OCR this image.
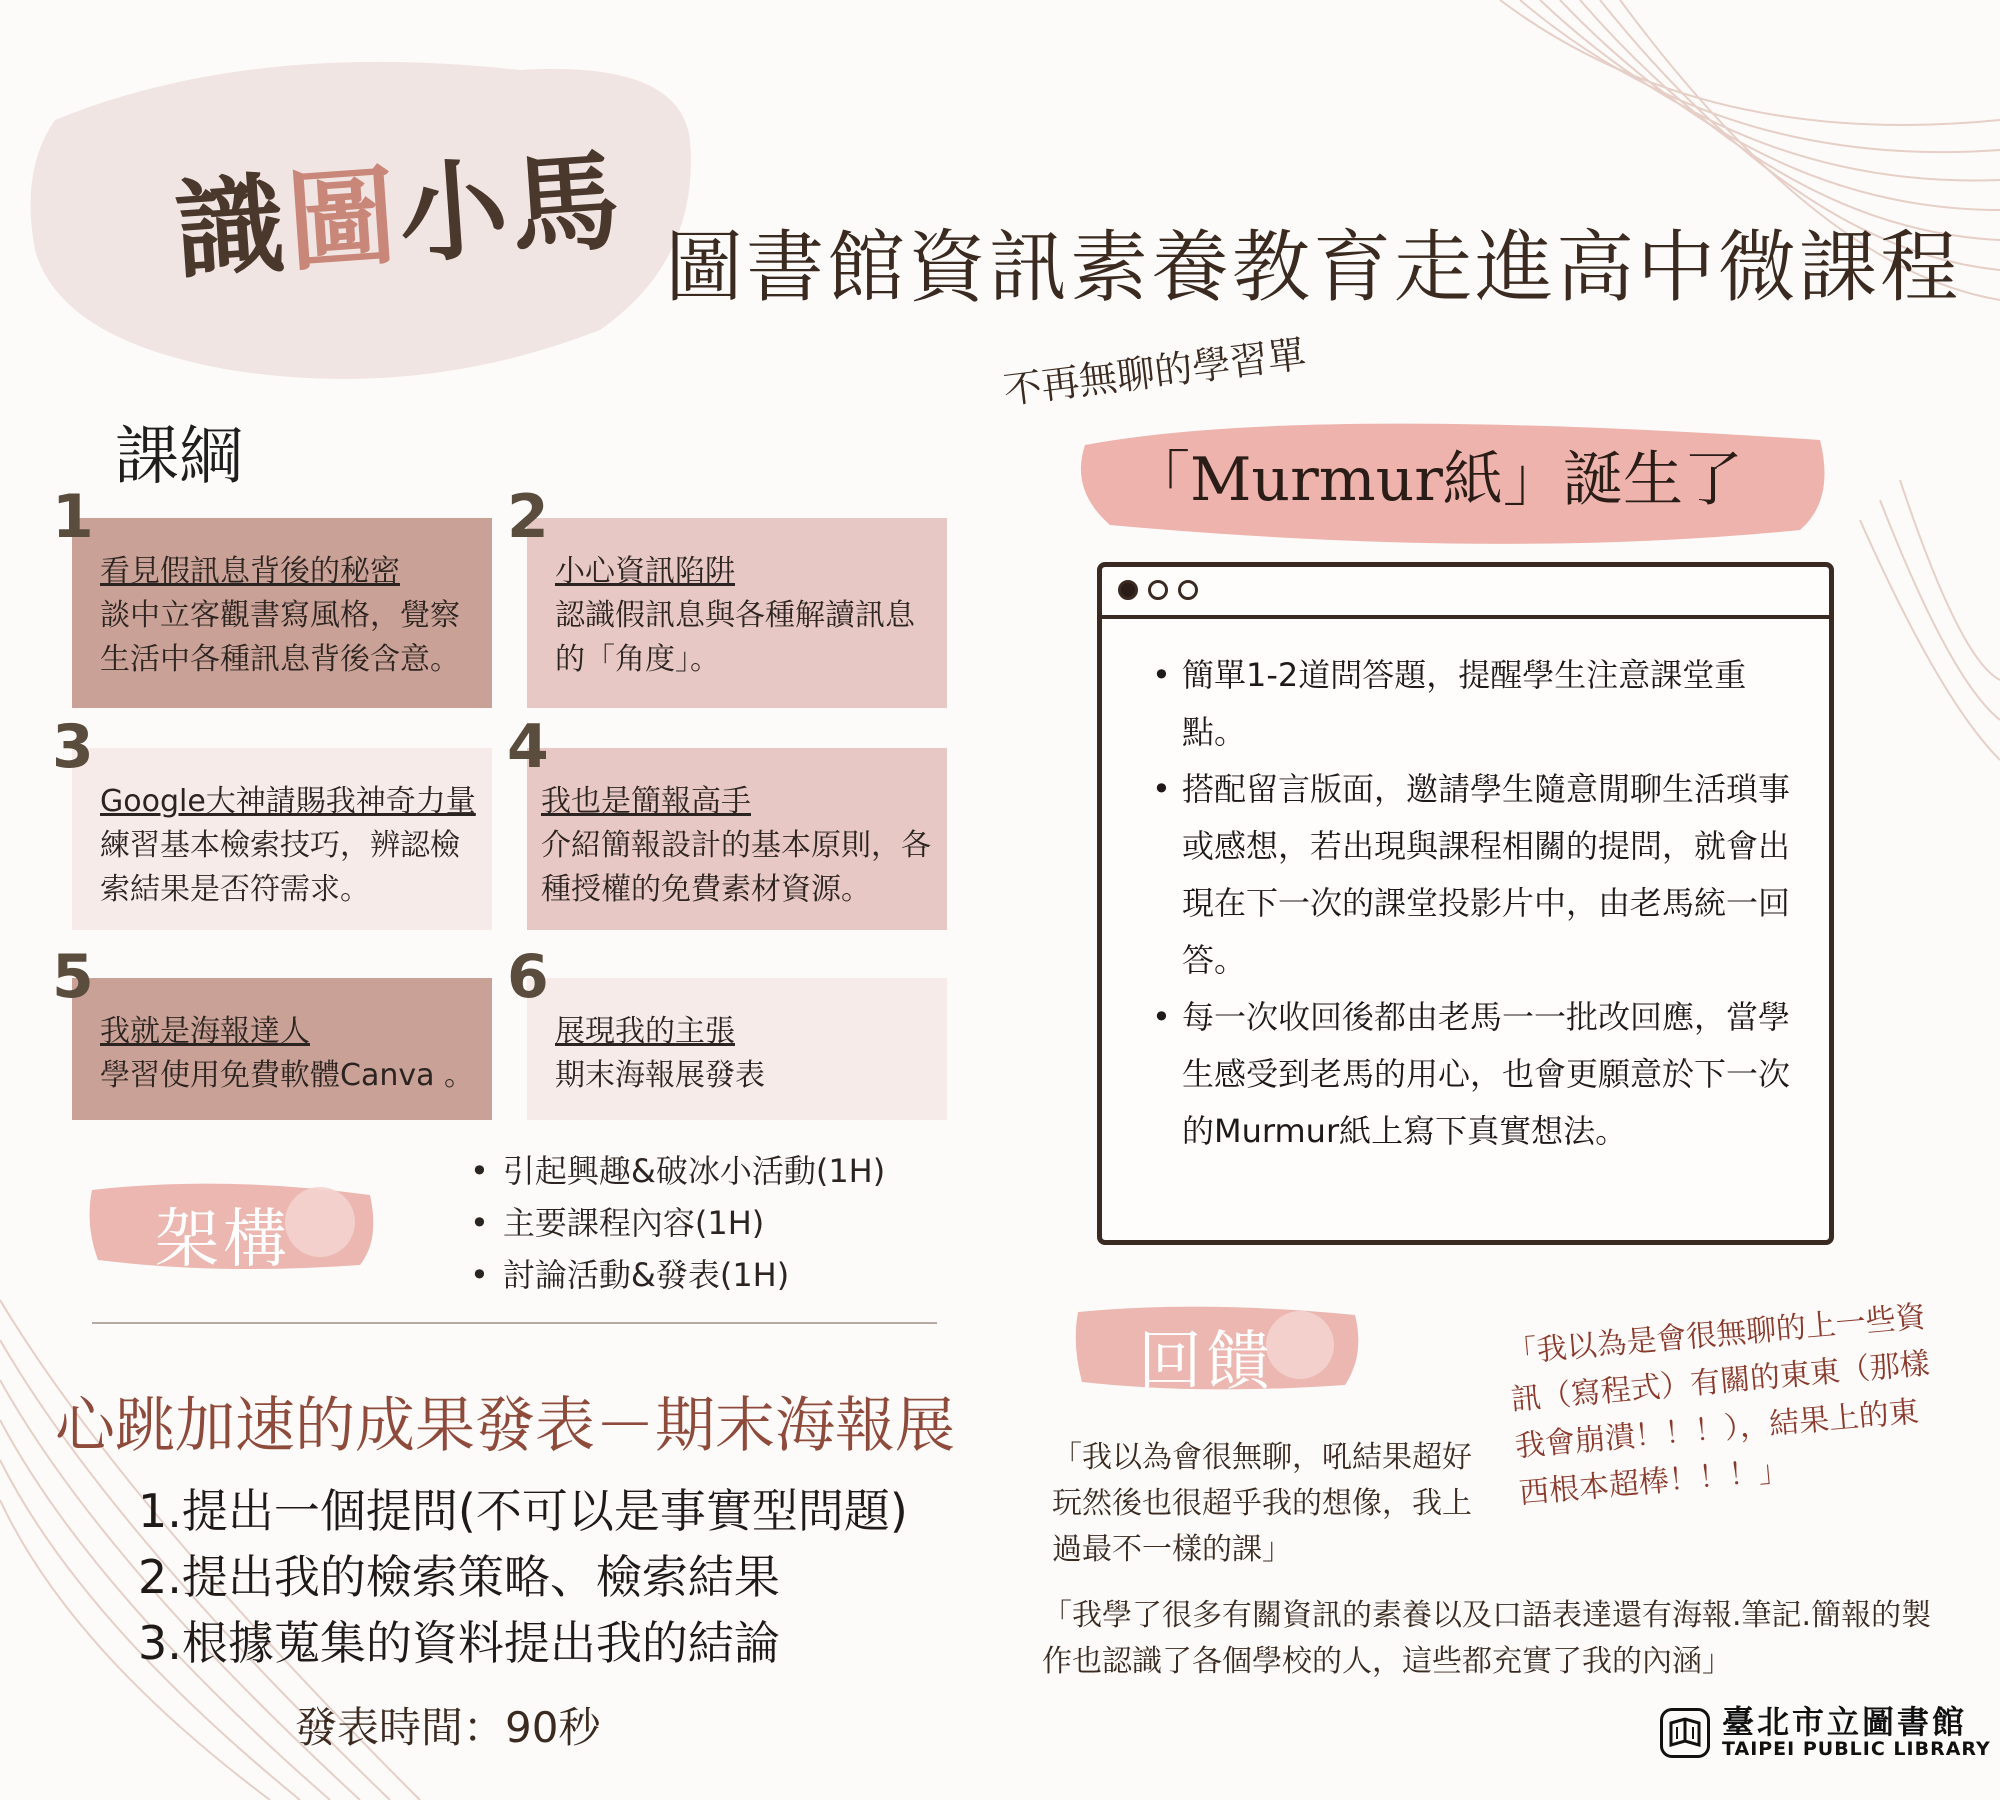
識圖小馬 圖書館資訊素養教育走進高中微課程
課綱
1
看見假訊息背後的秘密
談中立客觀書寫風格，覺察生活中各種訊息背後含意。
2
小心資訊陷阱
認識假訊息與各種解讀訊息的「角度」。
3
Google大神請賜我神奇力量
練習基本檢索技巧，辨認檢索結果是否符需求。
4
我也是簡報高手
介紹簡報設計的基本原則，各種授權的免費素材資源。
5
我就是海報達人
學習使用免費軟體Canva 。
6
展現我的主張
期末海報展發表
架構
• 引起興趣&破冰小活動(1H)
• 主要課程內容(1H)
• 討論活動&發表(1H)
心跳加速的成果發表－期末海報展
1.提出一個提問(不可以是事實型問題)
2.提出我的檢索策略、檢索結果
3.根據蒐集的資料提出我的結論
發表時間：90秒
不再無聊的學習單
「Murmur紙」誕生了
• 簡單1-2道問答題，提醒學生注意課堂重點。
• 搭配留言版面，邀請學生隨意閒聊生活瑣事或感想，若出現與課程相關的提問，就會出現在下一次的課堂投影片中，由老馬統一回答。
• 每一次收回後都由老馬一一批改回應，當學生感受到老馬的用心，也會更願意於下一次的Murmur紙上寫下真實想法。
回饋
「我以為會很無聊，吼結果超好玩然後也很超乎我的想像，我上過最不一樣的課」
「我以為是會很無聊的上一些資訊（寫程式）有關的東東（那樣我會崩潰！！！），結果上的東西根本超棒！！！」
「我學了很多有關資訊的素養以及口語表達還有海報.筆記.簡報的製作也認識了各個學校的人，這些都充實了我的內涵」
臺北市立圖書館
TAIPEI PUBLIC LIBRARY
